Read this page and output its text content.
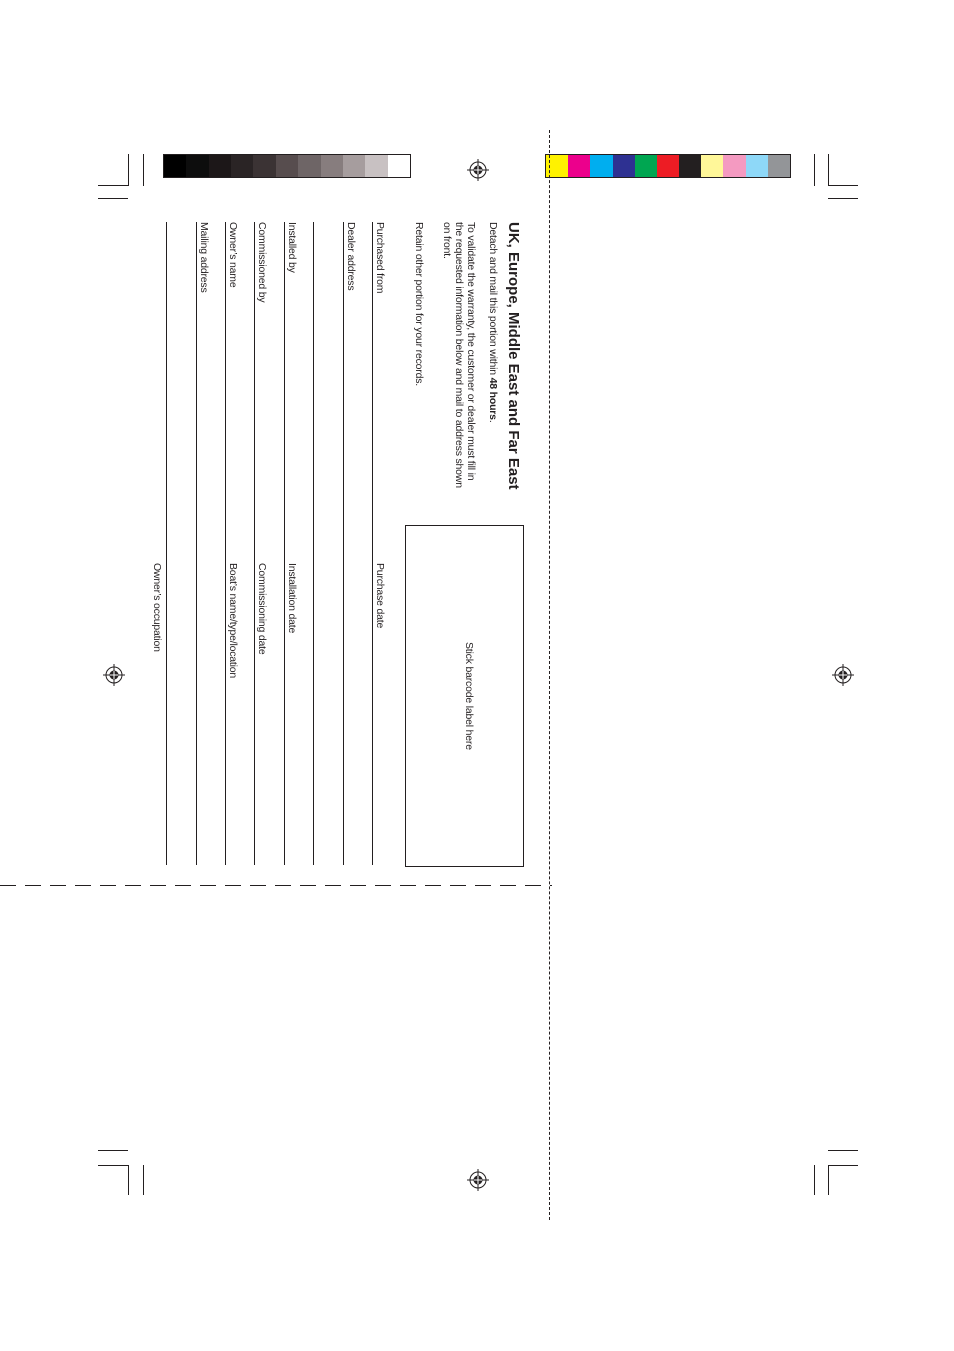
UK, Europe, Middle East and Far East
Detach and mail this portion within 48 hours.
To validate the warranty, the customer or dealer must fill in
the requested information below and mail to address shown
on front.
Retain other portion for your records.
Stick barcode label here
Purchased from
Purchase date
Dealer address
Installed by
Installation date
Commissioned by
Commissioning date
Owner’s name
Boat’s name/type/location
Mailing address
Owner’s occupation
